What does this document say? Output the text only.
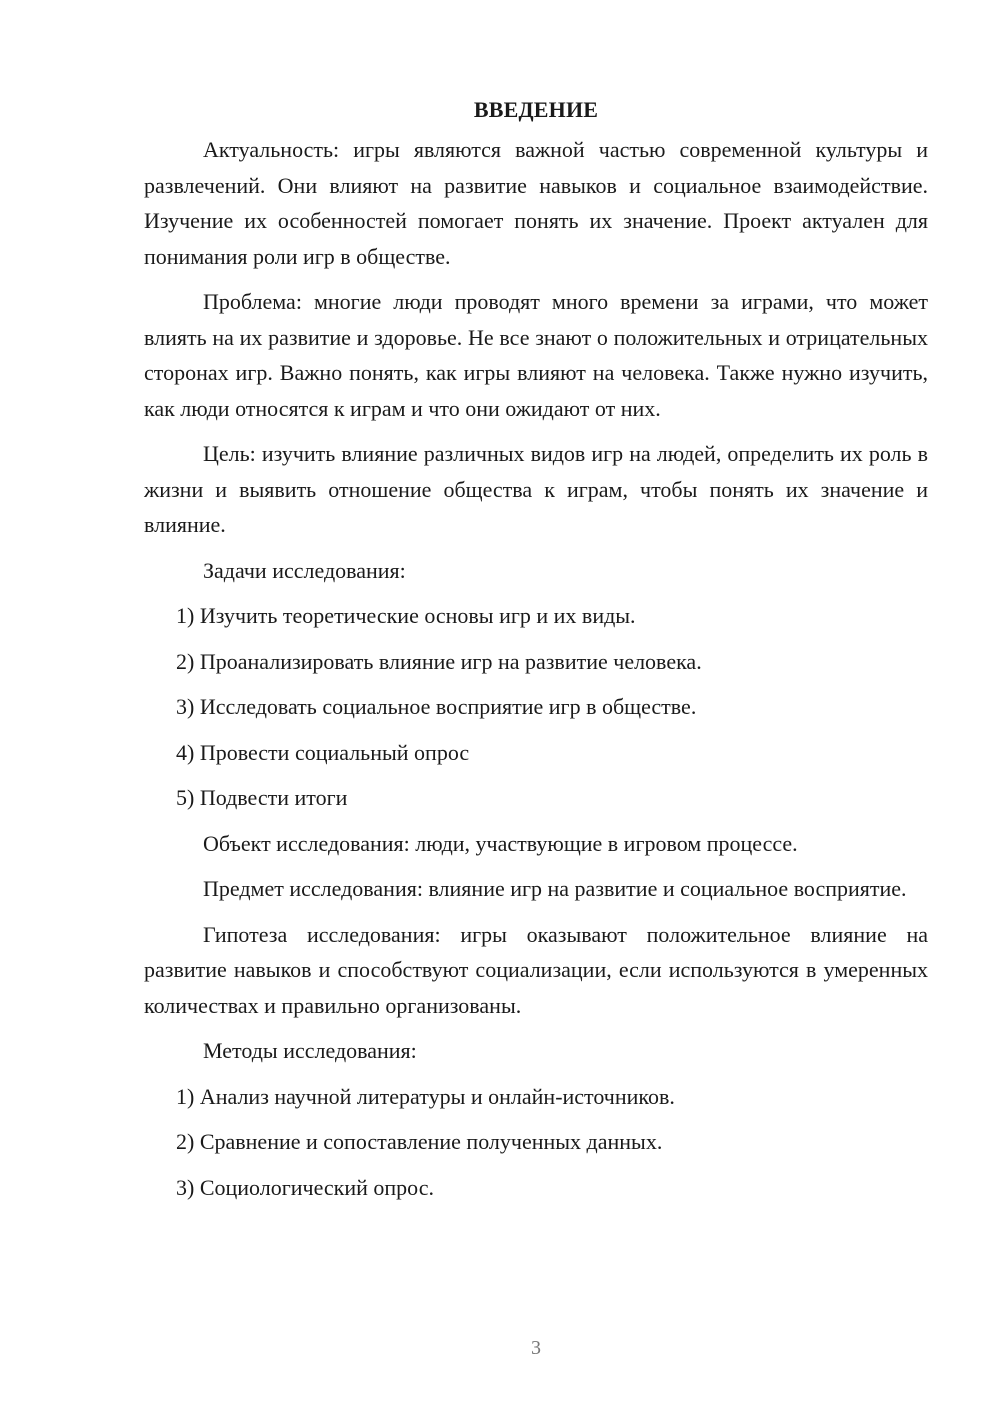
ВВЕДЕНИЕ

Актуальность: игры являются важной частью современной культуры и развлечений. Они влияют на развитие навыков и социальное взаимодействие. Изучение их особенностей помогает понять их значение. Проект актуален для понимания роли игр в обществе.

Проблема: многие люди проводят много времени за играми, что может влиять на их развитие и здоровье. Не все знают о положительных и отрицательных сторонах игр. Важно понять, как игры влияют на человека. Также нужно изучить, как люди относятся к играм и что они ожидают от них.

Цель: изучить влияние различных видов игр на людей, определить их роль в жизни и выявить отношение общества к играм, чтобы понять их значение и влияние.

Задачи исследования:

1) Изучить теоретические основы игр и их виды.
2) Проанализировать влияние игр на развитие человека.
3) Исследовать социальное восприятие игр в обществе.
4) Провести социальный опрос
5) Подвести итоги

Объект исследования: люди, участвующие в игровом процессе.

Предмет исследования: влияние игр на развитие и социальное восприятие.

Гипотеза исследования: игры оказывают положительное влияние на развитие навыков и способствуют социализации, если используются в умеренных количествах и правильно организованы.

Методы исследования:

1) Анализ научной литературы и онлайн-источников.
2) Сравнение и сопоставление полученных данных.
3) Социологический опрос.
3
